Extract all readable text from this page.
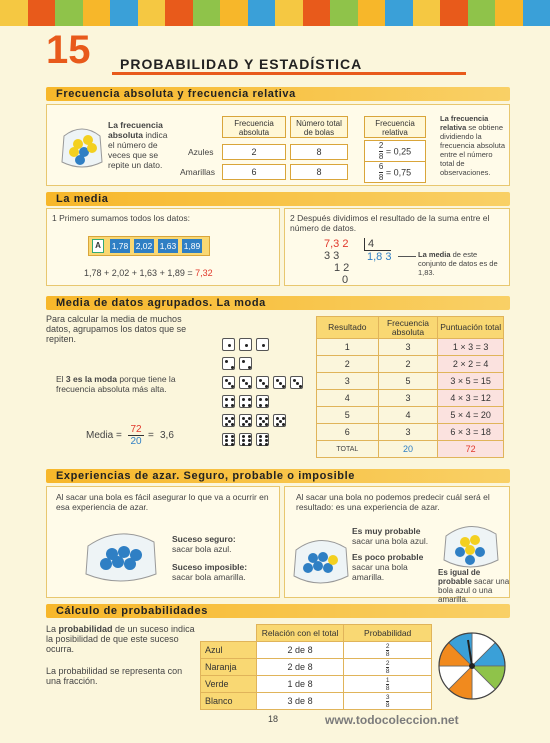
15 PROBABILIDAD Y ESTADÍSTICA
Frecuencia absoluta y frecuencia relativa
La frecuencia absoluta indica el número de veces que se repite un dato.
Frecuencia absoluta
Número total de bolas
Frecuencia relativa
Azules	2	8	$\frac{2}{8} = 0,25$
Amarillas	6	8	$\frac{6}{8} = 0,75$
La frecuencia relativa se obtiene dividiendo la frecuencia absoluta entre el número total de observaciones.
La media
1 Primero sumamos todos los datos:
A	1,78 2,02 1,63 1,89
1,78 + 2,02 + 1,63 + 1,89 = 7,32
2 Después dividimos el resultado de la suma entre el número de datos.
7,3 2	4
3 3	1,8 3
1 2
0
La media de este conjunto de datos es de 1,83.
Media de datos agrupados. La moda
Para calcular la media de muchos datos, agrupamos los datos que se repiten.
El 3 es la moda porque tiene la frecuencia absoluta más alta.
Media = $\frac{72}{20} = 3,6$
Resultado	Frecuencia absoluta	Puntuación total
1	3	1 × 3 = 3
2	2	2 × 2 = 4
3	5	3 × 5 = 15
4	3	4 × 3 = 12
5	4	5 × 4 = 20
6	3	6 × 3 = 18
TOTAL	20	72
Experiencias de azar. Seguro, probable o imposible
Al sacar una bola es fácil asegurar lo que va a ocurrir en esa experiencia de azar.
Suceso seguro:
sacar bola azul.
Suceso imposible:
sacar bola amarilla.
Al sacar una bola no podemos predecir cuál será el resultado: es una experiencia de azar.
Es muy probable sacar una bola azul.
Es poco probable sacar una bola amarilla.	Es igual de probable sacar una bola azul o una amarilla.
Cálculo de probabilidades
La probabilidad de un suceso indica la posibilidad de que este suceso ocurra.
La probabilidad se representa con una fracción.
	Relación con el total	Probabilidad
Azul	2 de 8	$\frac{2}{8}$

Naranja	2 de 8	$\frac{2}{8}$

Verde	1 de 8	$\frac{1}{8}$

Blanco	3 de 8	$\frac{3}{8}$
18	www.todocoleccion.net
